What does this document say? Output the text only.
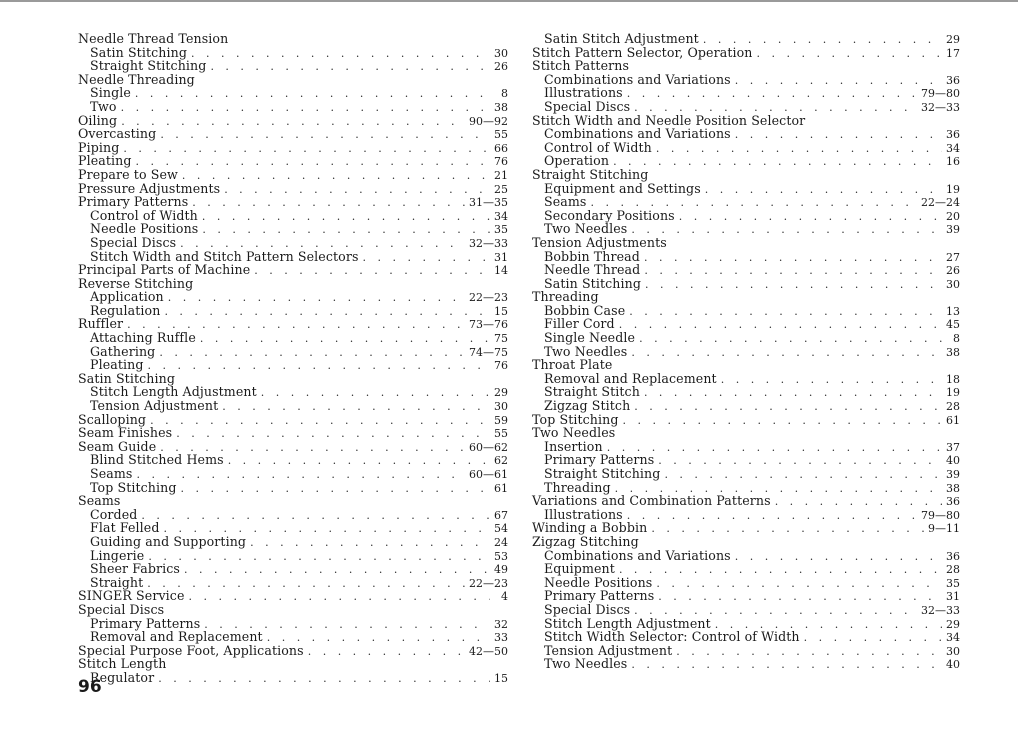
Needle Thread Tension
Satin Stitching . . .	30
Straight Stitching . . .	26
Needle Threading
Single . . .	8
Two . . .	38
Oiling . . .	90—92
Overcasting . . .	55
Piping . . .	66
Pleating . . .	76
Prepare to Sew . . .	21
Pressure Adjustments . . .	25
Primary Patterns . . .	31—35
Control of Width . . .	34
Needle Positions . . .	35
Special Discs . . .	32—33
Stitch Width and Stitch Pattern Selectors . . .	31
Principal Parts of Machine . . .	14
Reverse Stitching
Application . . .	22—23
Regulation . . .	15
Ruffler . . .	73—76
Attaching Ruffle . . .	75
Gathering . . .	74—75
Pleating . . .	76
Satin Stitching
Stitch Length Adjustment . . .	29
Tension Adjustment . . .	30
Scalloping . . .	59
Seam Finishes . . .	55
Seam Guide . . .	60—62
Blind Stitched Hems . . .	62
Seams . . .	60—61
Top Stitching . . .	61
Seams
Corded . . .	67
Flat Felled . . .	54
Guiding and Supporting . . .	24
Lingerie . . .	53
Sheer Fabrics . . .	49
Straight . . .	22—23
SINGER Service . . .	4
Special Discs
Primary Patterns . . .	32
Removal and Replacement . . .	33
Special Purpose Foot, Applications . . .	42—50
Stitch Length
Regulator . . .	15
Satin Stitch Adjustment . . .	29
Stitch Pattern Selector, Operation . . .	17
Stitch Patterns
Combinations and Variations . . .	36
Illustrations . . .	79—80
Special Discs . . .	32—33
Stitch Width and Needle Position Selector
Combinations and Variations . . .	36
Control of Width . . .	34
Operation . . .	16
Straight Stitching
Equipment and Settings . . .	19
Seams . . .	22—24
Secondary Positions . . .	20
Two Needles . . .	39
Tension Adjustments
Bobbin Thread . . .	27
Needle Thread . . .	26
Satin Stitching . . .	30
Threading
Bobbin Case . . .	13
Filler Cord . . .	45
Single Needle . . .	8
Two Needles . . .	38
Throat Plate
Removal and Replacement . . .	18
Straight Stitch . . .	19
Zigzag Stitch . . .	28
Top Stitching . . .	61
Two Needles
Insertion . . .	37
Primary Patterns . . .	40
Straight Stitching . . .	39
Threading . . .	38
Variations and Combination Patterns . . .	36
Illustrations . . .	79—80
Winding a Bobbin . . .	9—11
Zigzag Stitching
Combinations and Variations . . .	36
Equipment . . .	28
Needle Positions . . .	35
Primary Patterns . . .	31
Special Discs . . .	32—33
Stitch Length Adjustment . . .	29
Stitch Width Selector: Control of Width . . .	34
Tension Adjustment . . .	30
Two Needles . . .	40
96
